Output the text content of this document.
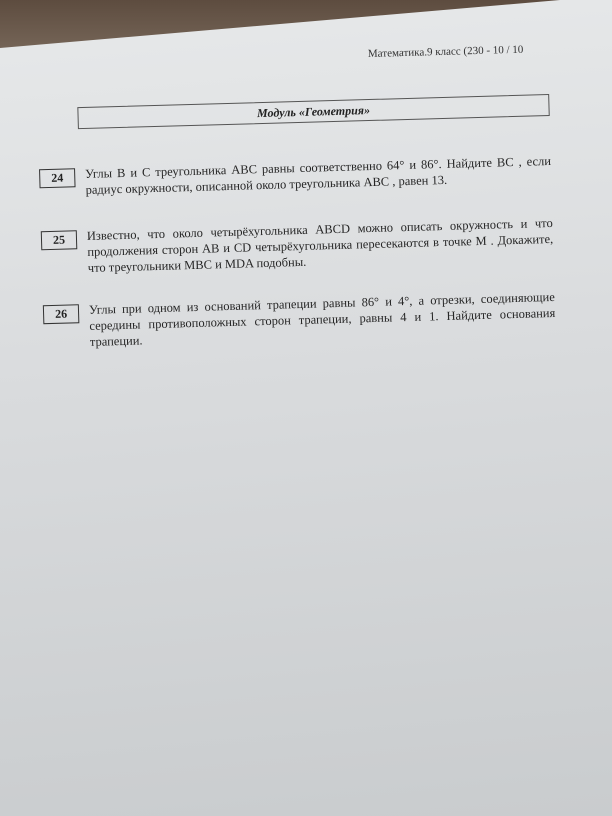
Математика.9 класс (230 - 10 / 10
Модуль «Геометрия»
24	Углы B и C треугольника ABC равны соответственно 64° и 86°. Найдите BC , если радиус окружности, описанной около треугольника ABC , равен 13.
25	Известно, что около четырёхугольника ABCD можно описать окружность и что продолжения сторон AB и CD четырёхугольника пересекаются в точке M . Докажите, что треугольники MBC и MDA подобны.
26	Углы при одном из оснований трапеции равны 86° и 4°, а отрезки, соединяющие середины противоположных сторон трапеции, равны 4 и 1. Найдите основания трапеции.
